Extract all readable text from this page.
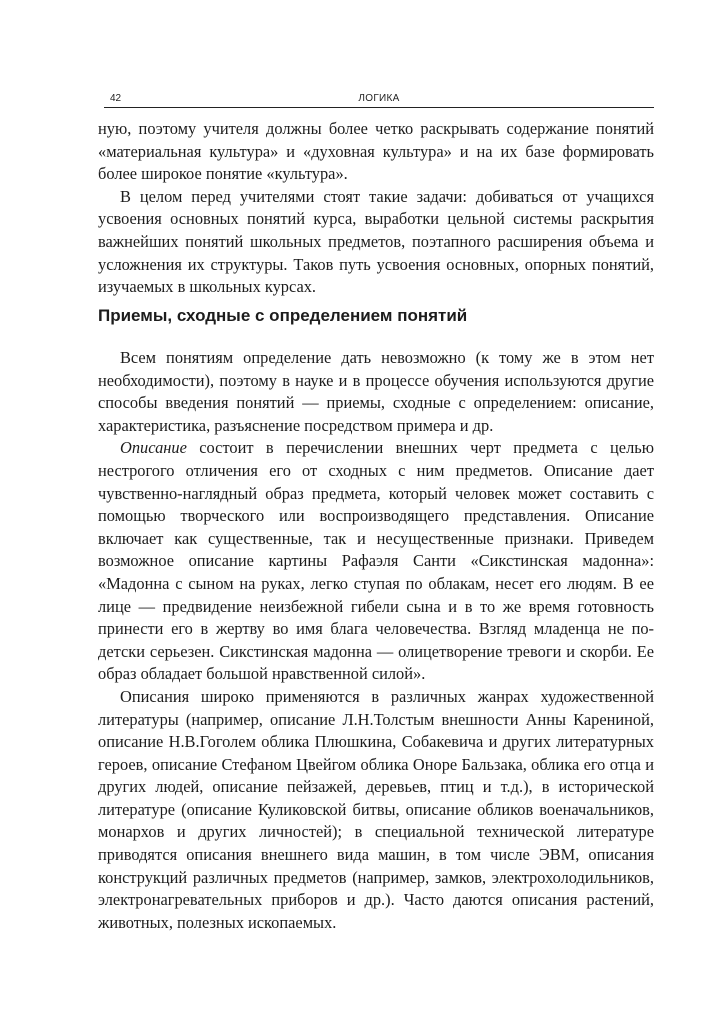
42	ЛОГИКА

ную, поэтому учителя должны более четко раскрывать содержание понятий «материальная культура» и «духовная культура» и на их базе формировать более широкое понятие «культура».

В целом перед учителями стоят такие задачи: добиваться от учащихся усвоения основных понятий курса, выработки цельной системы раскрытия важнейших понятий школьных предметов, поэтапного расширения объема и усложнения их структуры. Таков путь усвоения основных, опорных понятий, изучаемых в школьных курсах.

Приемы, сходные с определением понятий

Всем понятиям определение дать невозможно (к тому же в этом нет необходимости), поэтому в науке и в процессе обучения используются другие способы введения понятий — приемы, сходные с определением: описание, характеристика, разъяснение посредством примера и др.

Описание состоит в перечислении внешних черт предмета с целью нестрогого отличения его от сходных с ним предметов. Описание дает чувственно-наглядный образ предмета, который человек может составить с помощью творческого или воспроизводящего представления. Описание включает как существенные, так и несущественные признаки. Приведем возможное описание картины Рафаэля Санти «Сикстинская мадонна»: «Мадонна с сыном на руках, легко ступая по облакам, несет его людям. В ее лице — предвидение неизбежной гибели сына и в то же время готовность принести его в жертву во имя блага человечества. Взгляд младенца не по-детски серьезен. Сикстинская мадонна — олицетворение тревоги и скорби. Ее образ обладает большой нравственной силой».

Описания широко применяются в различных жанрах художественной литературы (например, описание Л.Н.Толстым внешности Анны Карениной, описание Н.В.Гоголем облика Плюшкина, Собакевича и других литературных героев, описание Стефаном Цвейгом облика Оноре Бальзака, облика его отца и других людей, описание пейзажей, деревьев, птиц и т.д.), в исторической литературе (описание Куликовской битвы, описание обликов военачальников, монархов и других личностей); в специальной технической литературе приводятся описания внешнего вида машин, в том числе ЭВМ, описания конструкций различных предметов (например, замков, электрохолодильников, электронагревательных приборов и др.). Часто даются описания растений, животных, полезных ископаемых.
